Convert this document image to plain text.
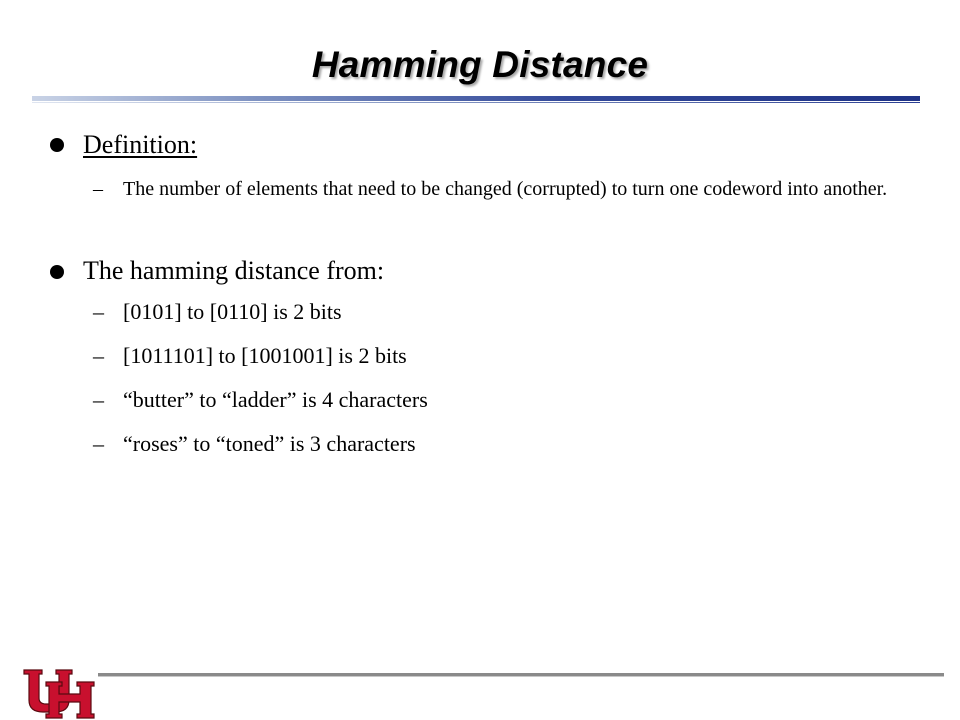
Hamming Distance
Definition:
– The number of elements that need to be changed (corrupted) to turn one codeword into another.
The hamming distance from:
– [0101] to [0110] is 2 bits
– [1011101] to [1001001] is 2 bits
– “butter” to “ladder” is 4 characters
– “roses” to “toned” is 3 characters
